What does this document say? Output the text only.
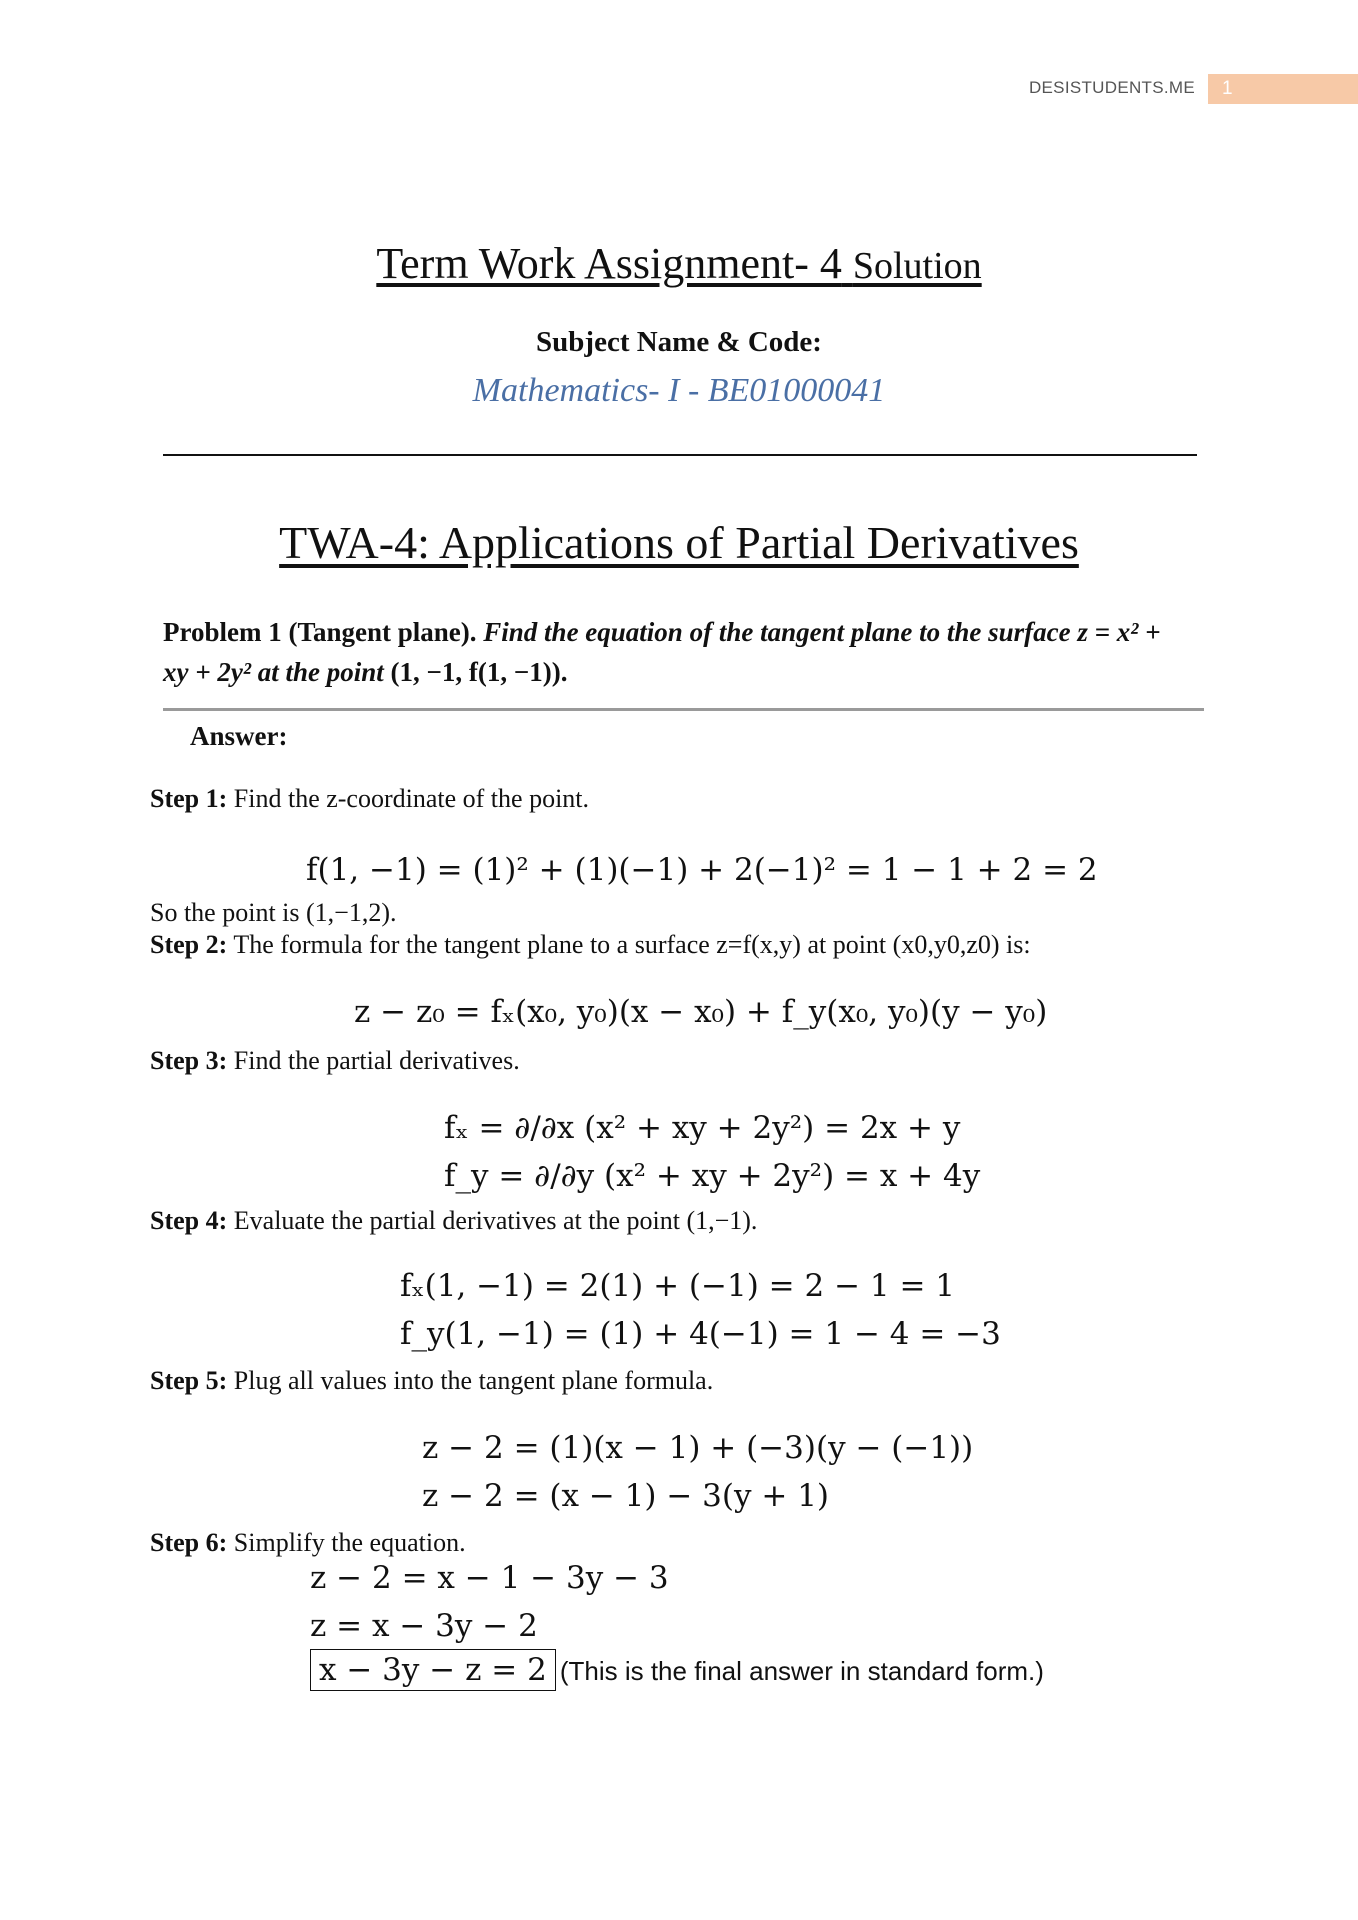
DESISTUDENTS.ME 1
Term Work Assignment- 4 Solution
Subject Name & Code:
Mathematics- I - BE01000041
TWA-4: Applications of Partial Derivatives
Problem 1 (Tangent plane). Find the equation of the tangent plane to the surface z = x² + xy + 2y² at the point (1, −1, f(1, −1)).
Answer:
Step 1: Find the z-coordinate of the point.
f(1, −1) = (1)² + (1)(−1) + 2(−1)² = 1 − 1 + 2 = 2
So the point is (1,−1,2).
Step 2: The formula for the tangent plane to a surface z=f(x,y) at point (x0,y0,z0) is:
z − z₀ = fₓ(x₀, y₀)(x − x₀) + f_y(x₀, y₀)(y − y₀)
Step 3: Find the partial derivatives.
fₓ = ∂/∂x (x² + xy + 2y²) = 2x + y
f_y = ∂/∂y (x² + xy + 2y²) = x + 4y
Step 4: Evaluate the partial derivatives at the point (1,−1).
fₓ(1, −1) = 2(1) + (−1) = 2 − 1 = 1
f_y(1, −1) = (1) + 4(−1) = 1 − 4 = −3
Step 5: Plug all values into the tangent plane formula.
z − 2 = (1)(x − 1) + (−3)(y − (−1))
z − 2 = (x − 1) − 3(y + 1)
Step 6: Simplify the equation.
z − 2 = x − 1 − 3y − 3
z = x − 3y − 2
x − 3y − z = 2 (This is the final answer in standard form.)
